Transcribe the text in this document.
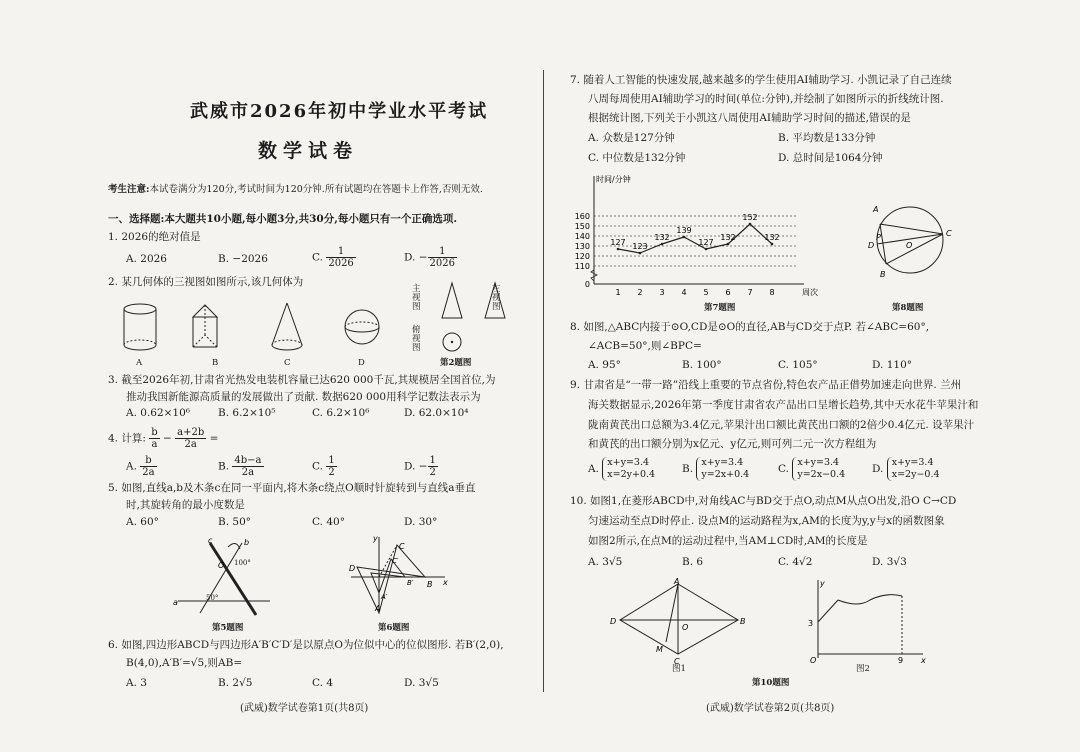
武威市2026年初中学业水平考试
数学试卷
考生注意:本试卷满分为120分,考试时间为120分钟.所有试题均在答题卡上作答,否则无效.
一、选择题:本大题共10小题,每小题3分,共30分,每小题只有一个正确选项.
1. 2026的绝对值是
A. 2026	B. −2026	C. $\frac{1}{2026}$	D. − $\frac{1}{2026}$
2. 某几何体的三视图如图所示,该几何体为
A	B	C	D
主视图
左视图
俯视图
第2题图
3. 截至2026年初,甘肃省光热发电装机容量已达620 000千瓦,其规模居全国首位,为
推动我国新能源高质量的发展做出了贡献. 数据620 000用科学记数法表示为
A. 0.62×10⁶	B. 6.2×10⁵	C. 6.2×10⁶	D. 62.0×10⁴
4. 计算: $\frac{b}{a} - \frac{a+2b}{2a}$ =
A. $\frac{b}{2a}$	B. $\frac{4b-a}{2a}$	C. $\frac{1}{2}$	D. − $\frac{1}{2}$
5. 如图,直线a,b及木条c在同一平面内,将木条c绕点O顺时针旋转到与直线a垂直
时,其旋转角的最小度数是
A. 60°	B. 50°	C. 40°	D. 30°
a
b
c
O 100°
50°
第5题图
x
y
D
C
B
A
B′
C′
A′
第6题图
6. 如图,四边形ABCD与四边形A′B′C′D′是以原点O为位似中心的位似图形. 若B′(2,0),
B(4,0),A′B′=√5,则AB=
A. 3	B. 2√5	C. 4	D. 3√5
(武威)数学试卷第1页(共8页)
7. 随着人工智能的快速发展,越来越多的学生使用AI辅助学习. 小凯记录了自己连续
八周每周使用AI辅助学习的时间(单位:分钟),并绘制了如图所示的折线统计图.
根据统计图,下列关于小凯这八周使用AI辅助学习时间的描述,错误的是
A. 众数是127分钟	B. 平均数是133分钟
C. 中位数是132分钟	D. 总时间是1064分钟
0
110
120
130
140
150
160
时间/分钟
周次
1 2 3 4 5 6 7 8
127 123
132
139
127
132
152
132
第7题图
A
C
B
D
P
O
第8题图
8. 如图,△ABC内接于⊙O,CD是⊙O的直径,AB与CD交于点P. 若∠ABC=60°,
∠ACB=50°,则∠BPC=
A. 95°	B. 100°	C. 105°	D. 110°
9. 甘肃省是“一带一路”沿线上重要的节点省份,特色农产品正借势加速走向世界. 兰州
海关数据显示,2026年第一季度甘肃省农产品出口呈增长趋势,其中天水花牛苹果汁和
陇南黄芪出口总额为3.4亿元,苹果汁出口额比黄芪出口额的2倍少0.4亿元. 设苹果汁
和黄芪的出口额分别为x亿元、y亿元,则可列二元一次方程组为
A. x+y=3.4
x=2y+0.4	B. x+y=3.4
y=2x+0.4	C. x+y=3.4
y=2x−0.4	D. x+y=3.4
x=2y−0.4
10. 如图1,在菱形ABCD中,对角线AC与BD交于点O,动点M从点O出发,沿O C→CD
匀速运动至点D时停止. 设点M的运动路程为x,AM的长度为y,y与x的函数图象
如图2所示,在点M的运动过程中,当AM⊥CD时,AM的长度是
A. 3√5	B. 6	C. 4√2	D. 3√3
A
B
C
D
O
M
图1
y
x
3
O	9
图2
第10题图
(武威)数学试卷第2页(共8页)
